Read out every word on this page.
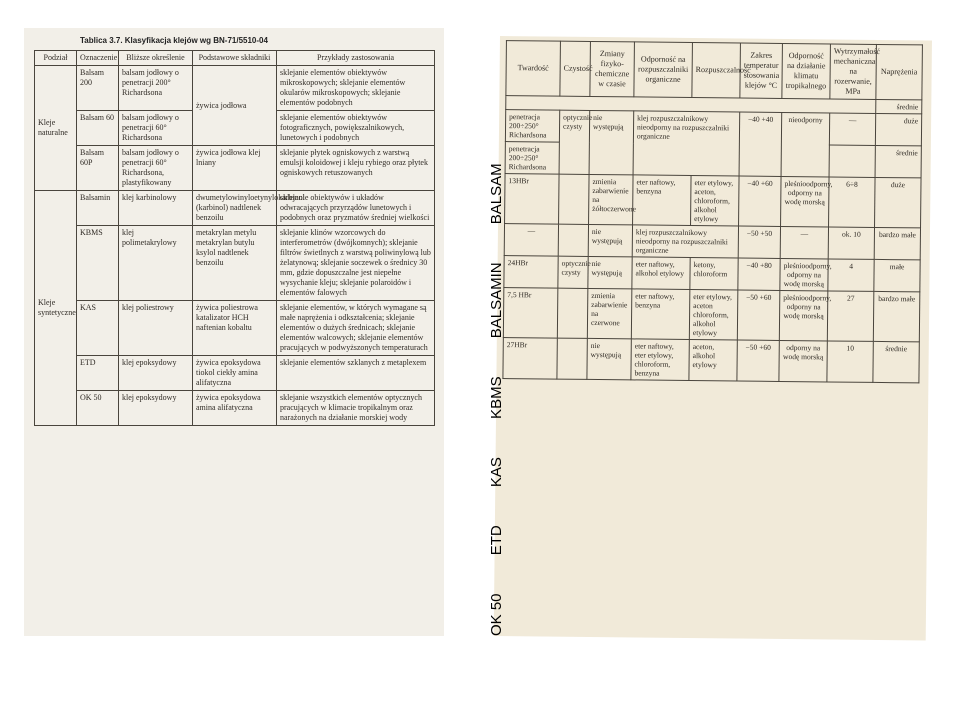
Tablica 3.7. Klasyfikacja klejów wg BN-71/5510-04
Podział	Oznaczenie	Bliższe określenie	Podstawowe składniki	Przykłady zastosowania
Kleje naturalne	Balsam 200	balsam jodłowy o penetracji 200° Richardsona	żywica jodłowa	sklejanie elementów obiektywów mikroskopowych; sklejanie elementów okularów mikroskopowych; sklejanie elementów podobnych
	Balsam 60	balsam jodłowy o penetracji 60° Richardsona		sklejanie elementów obiektywów fotograficznych, powiększalnikowych, lunetowych i podobnych
	Balsam 60P	balsam jodłowy o penetracji 60° Richardsona, plastyfikowany	żywica jodłowa klej lniany	sklejanie płytek ogniskowych z warstwą emulsji koloidowej i kleju rybiego oraz płytek ogniskowych retuszowanych
Kleje syntetyczne	Balsamin	klej karbinolowy	dwumetylowinyloetynylokarbinol (karbinol) nadtlenek benzoilu	sklejanie obiektywów i układów odwracających przyrządów lunetowych i podobnych oraz pryzmatów średniej wielkości
	KBMS	klej polimetakrylowy	metakrylan metylu metakrylan butylu ksylol nadtlenek benzoilu	sklejanie klinów wzorcowych do interferometrów (dwójkomnych); sklejanie filtrów świetlnych z warstwą poliwinylową lub żelatynową; sklejanie soczewek o średnicy 30 mm, gdzie dopuszczalne jest niepełne wysychanie kleju; sklejanie polaroidów i elementów falowych
	KAS	klej poliestrowy	żywica poliestrowa katalizator HCH naftenian kobaltu	sklejanie elementów, w których wymagane są małe naprężenia i odkształcenia; sklejanie elementów o dużych średnicach; sklejanie elementów walcowych; sklejanie elementów pracujących w podwyższonych temperaturach
	ETD	klej epoksydowy	żywica epoksydowa tiokol ciekły amina alifatyczna	sklejanie elementów szklanych z metaplexem
	OK 50	klej epoksydowy	żywica epoksydowa amina alifatyczna	sklejanie wszystkich elementów optycznych pracujących w klimacie tropikalnym oraz narażonych na działanie morskiej wody
Twardość	Czystość	Zmiany fizyko-chemiczne w czasie	Odporność na rozpuszczalniki organiczne	Rozpuszczalność	Zakres temperatur stosowania klejów °C	Odporność na działanie klimatu tropikalnego	Wytrzymałość mechaniczna na rozerwanie, MPa	Naprężenia
								średnie
penetracja 200÷250° Richardsona	optycznie czysty	nie występują	klej rozpuszczalnikowy nieodporny na rozpuszczalniki organiczne		−40 +40	nieodporny	—	duże
penetracja 200÷250° Richardsona								średnie
13HBr		zmienia zabarwienie na żółtoczerwone	eter naftowy, benzyna	eter etylowy, aceton, chloroform, alkohol etylowy	−40 +60	pleśnioodporny, odporny na wodę morską	6÷8	duże
—		nie występują	klej rozpuszczalnikowy nieodporny na rozpuszczalniki organiczne		−50 +50	—	ok. 10	bardzo małe
24HBr	optycznie czysty	nie występują	eter naftowy, alkohol etylowy	ketony, chloroform	−40 +80	pleśnioodporny, odporny na wodę morską	4	małe
7,5 HBr		zmienia zabarwienie na czerwone	eter naftowy, benzyna	eter etylowy, aceton chloroform, alkohol etylowy	−50 +60	pleśnioodporny, odporny na wodę morską	27	bardzo małe
27HBr		nie występują	eter naftowy, eter etylowy, chloroform, benzyna	aceton, alkohol etylowy	−50 +60	odporny na wodę morską	10	średnie
OK 50 ETD KAS KBMS BALSAMIN BALSAM
